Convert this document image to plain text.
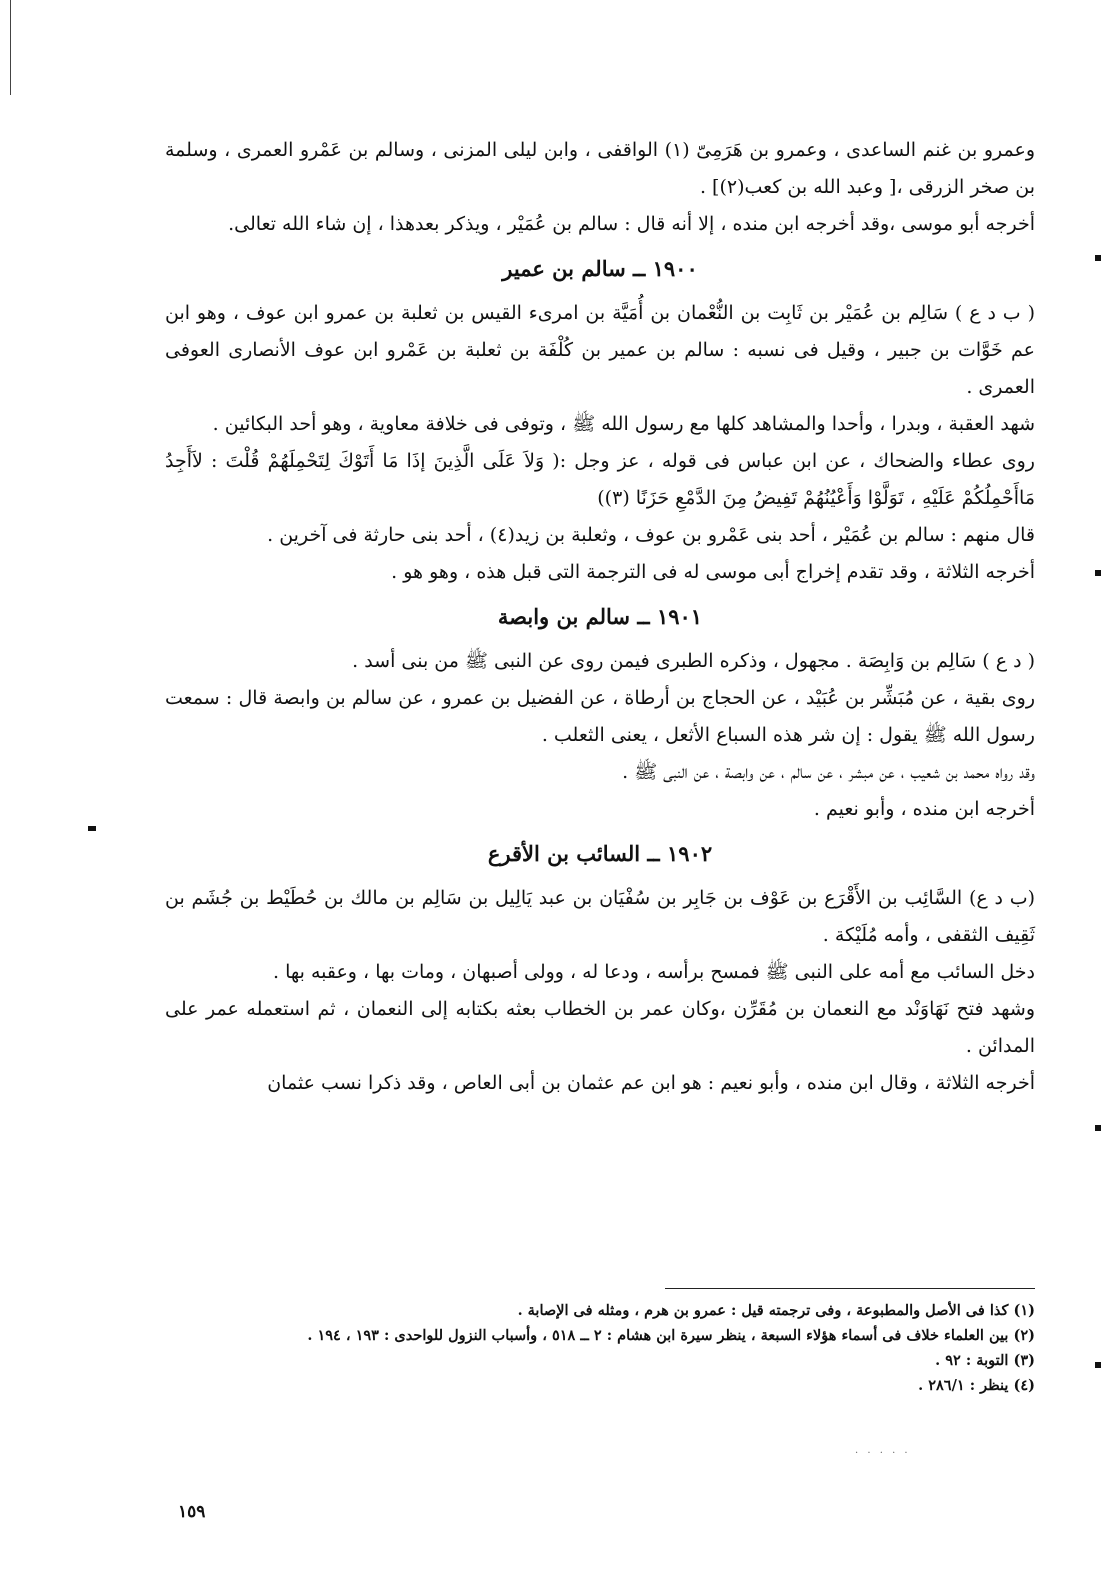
وعمرو بن غنم الساعدى ، وعمرو بن هَرَمِىّ (١) الواقفى ، وابن ليلى المزنى ، وسالم بن عَمْرو العمرى ، وسلمة بن صخر الزرقى ،[ وعبد الله بن كعب(٢)] .

أخرجه أبو موسى ،وقد أخرجه ابن منده ، إلا أنه قال : سالم بن عُمَيْر ، ويذكر بعدهذا ، إن شاء الله تعالى.

١٩٠٠ ــ سالم بن عمير

( ب د ع ) سَالِم بن عُمَيْر بن ثَابِت بن النُّعْمان بن أُمَيَّة بن امرىء القيس بن ثعلبة بن عمرو ابن عوف ، وهو ابن عم خَوَّات بن جبير ، وقيل فى نسبه : سالم بن عمير بن كُلْفَة بن ثعلبة بن عَمْرو ابن عوف الأنصارى العوفى العمرى .

شهد العقبة ، وبدرا ، وأحدا والمشاهد كلها مع رسول الله ﷺ ، وتوفى فى خلافة معاوية ، وهو أحد البكائين .

روى عطاء والضحاك ، عن ابن عباس فى قوله ، عز وجل :( وَلاَ عَلَى الَّذِينَ إذَا مَا أَتَوْكَ لِتَحْمِلَهُمْ قُلْتَ : لاَأَجِدُ مَاأَحْمِلُكُمْ عَلَيْهِ ، تَوَلَّوْا وَأَعْيُنُهُمْ تَفِيضُ مِنَ الدَّمْعِ حَزَنًا (٣))

قال منهم : سالم بن عُمَيْر ، أحد بنى عَمْرو بن عوف ، وثعلبة بن زيد(٤) ، أحد بنى حارثة فى آخرين .

أخرجه الثلاثة ، وقد تقدم إخراج أبى موسى له فى الترجمة التى قبل هذه ، وهو هو .

١٩٠١ ــ سالم بن وابصة

( د ع ) سَالِم بن وَابِصَة . مجهول ، وذكره الطبرى فيمن روى عن النبى ﷺ من بنى أسد .

روى بقية ، عن مُبَشِّر بن عُبَيْد ، عن الحجاج بن أرطاة ، عن الفضيل بن عمرو ، عن سالم بن وابصة قال : سمعت رسول الله ﷺ يقول : إن شر هذه السباع الأثعل ، يعنى الثعلب .

وقد رواه محمد بن شعيب ، عن مبشر ، عن سالم ، عن وابصة ، عن النبى ﷺ .

أخرجه ابن منده ، وأبو نعيم .

١٩٠٢ ــ السائب بن الأقرع

(ب د ع) السَّائِب بن الأَقْرَع بن عَوْف بن جَابِر بن سُفْيَان بن عبد يَالِيل بن سَالِم بن مالك بن حُطَيْط بن جُشَم بن ثَقِيف الثقفى ، وأمه مُلَيْكة .

دخل السائب مع أمه على النبى ﷺ فمسح برأسه ، ودعا له ، وولى أصبهان ، ومات بها ، وعقبه بها .

وشهد فتح نَهَاوَنْد مع النعمان بن مُقَرِّن ،وكان عمر بن الخطاب بعثه بكتابه إلى النعمان ، ثم استعمله عمر على المدائن .

أخرجه الثلاثة ، وقال ابن منده ، وأبو نعيم : هو ابن عم عثمان بن أبى العاص ، وقد ذكرا نسب عثمان

(١) كذا فى الأصل والمطبوعة ، وفى ترجمته قيل : عمرو بن هرم ، ومثله فى الإصابة .

(٢) بين العلماء خلاف فى أسماء هؤلاء السبعة ، ينظر سيرة ابن هشام : ٢ ــ ٥١٨ ، وأسباب النزول للواحدى : ١٩٣ ، ١٩٤ .

(٣) التوبة : ٩٢ .

(٤) ينظر : ٢٨٦/١ .

. . . . .
١٥٩
